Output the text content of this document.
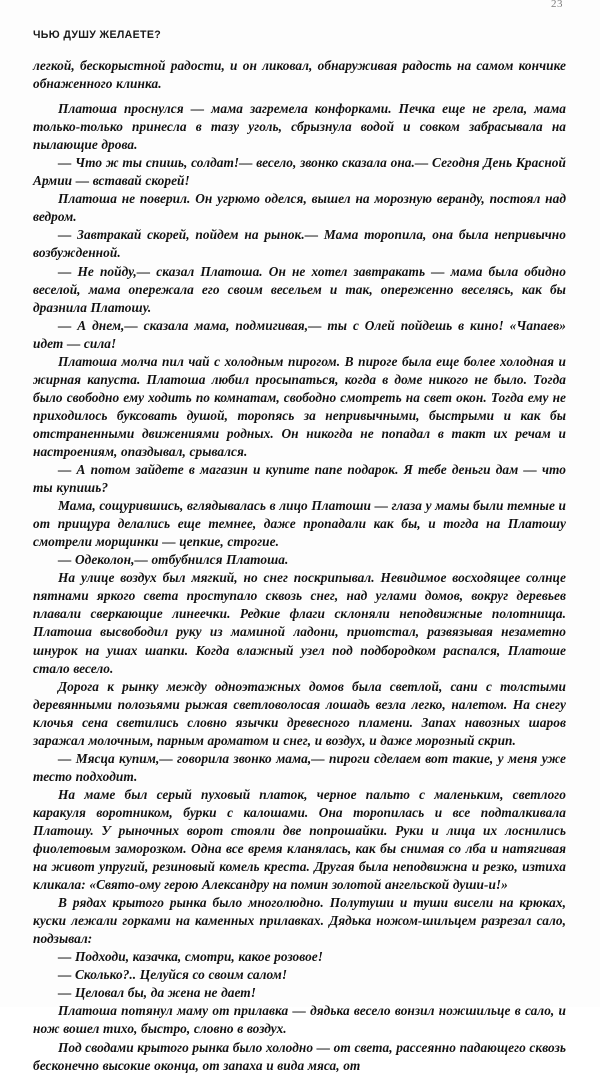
ЧЬЮ ДУШУ ЖЕЛАЕТЕ?
23

легкой, бескорыстной радости, и он ликовал, обнаруживая радость на самом кончике обнаженного клинка.

Платоша проснулся — мама загремела конфорками. Печка еще не грела, мама только-только принесла в тазу уголь, сбрызнула водой и совком забрасывала на пылающие дрова.

— Что ж ты спишь, солдат!— весело, звонко сказала она.— Сегодня День Красной Армии — вставай скорей!

Платоша не поверил. Он угрюмо оделся, вышел на морозную веранду, постоял над ведром.

— Завтракай скорей, пойдем на рынок.— Мама торопила, она была непривычно возбужденной.

— Не пойду,— сказал Платоша. Он не хотел завтракать — мама была обидно веселой, мама опережала его своим весельем и так, опереженно веселясь, как бы дразнила Платошу.

— А днем,— сказала мама, подмигивая,— ты с Олей пойдешь в кино! «Чапаев» идет — сила!

Платоша молча пил чай с холодным пирогом. В пироге была еще более холодная и жирная капуста. Платоша любил просыпаться, когда в доме никого не было. Тогда было свободно ему ходить по комнатам, свободно смотреть на свет окон. Тогда ему не приходилось буксовать душой, торопясь за непривычными, быстрыми и как бы отстраненными движениями родных. Он никогда не попадал в такт их речам и настроениям, опаздывал, срывался.

— А потом зайдете в магазин и купите папе подарок. Я тебе деньги дам — что ты купишь?

Мама, сощурившись, вглядывалась в лицо Платоши — глаза у мамы были темные и от прищура делались еще темнее, даже пропадали как бы, и тогда на Платошу смотрели морщинки — цепкие, строгие.

— Одеколон,— отбубнился Платоша.

На улице воздух был мягкий, но снег поскрипывал. Невидимое восходящее солнце пятнами яркого света проступало сквозь снег, над углами домов, вокруг деревьев плавали сверкающие линеечки. Редкие флаги склоняли неподвижные полотнища. Платоша высвободил руку из маминой ладони, приотстал, развязывая незаметно шнурок на ушах шапки. Когда влажный узел под подбородком распался, Платоше стало весело.

Дорога к рынку между одноэтажных домов была светлой, сани с толстыми деревянными полозьями рыжая светловолосая лошадь везла легко, налетом. На снегу клочья сена светились словно язычки древесного пламени. Запах навозных шаров заражал молочным, парным ароматом и снег, и воздух, и даже морозный скрип.

— Мясца купим,— говорила звонко мама,— пироги сделаем вот такие, у меня уже тесто подходит.

На маме был серый пуховый платок, черное пальто с маленьким, светлого каракуля воротником, бурки с калошами. Она торопилась и все подталкивала Платошу. У рыночных ворот стояли две попрошайки. Руки и лица их лоснились фиолетовым заморозком. Одна все время кланялась, как бы снимая со лба и натягивая на живот упругий, резиновый комель креста. Другая была неподвижна и резко, изтиха кликала: «Свято-ому герою Александру на помин золотой ангельской души-и!»

В рядах крытого рынка было многолюдно. Полутуши и туши висели на крюках, куски лежали горками на каменных прилавках. Дядька ножом-шильцем разрезал сало, подзывал:

— Подходи, казачка, смотри, какое розовое!

— Сколько?.. Целуйся со своим салом!

— Целовал бы, да жена не дает!

Платоша потянул маму от прилавка — дядька весело вонзил ножшильце в сало, и нож вошел тихо, быстро, словно в воздух.

Под сводами крытого рынка было холодно — от света, рассеянно падающего сквозь бесконечно высокие оконца, от запаха и вида мяса, от
